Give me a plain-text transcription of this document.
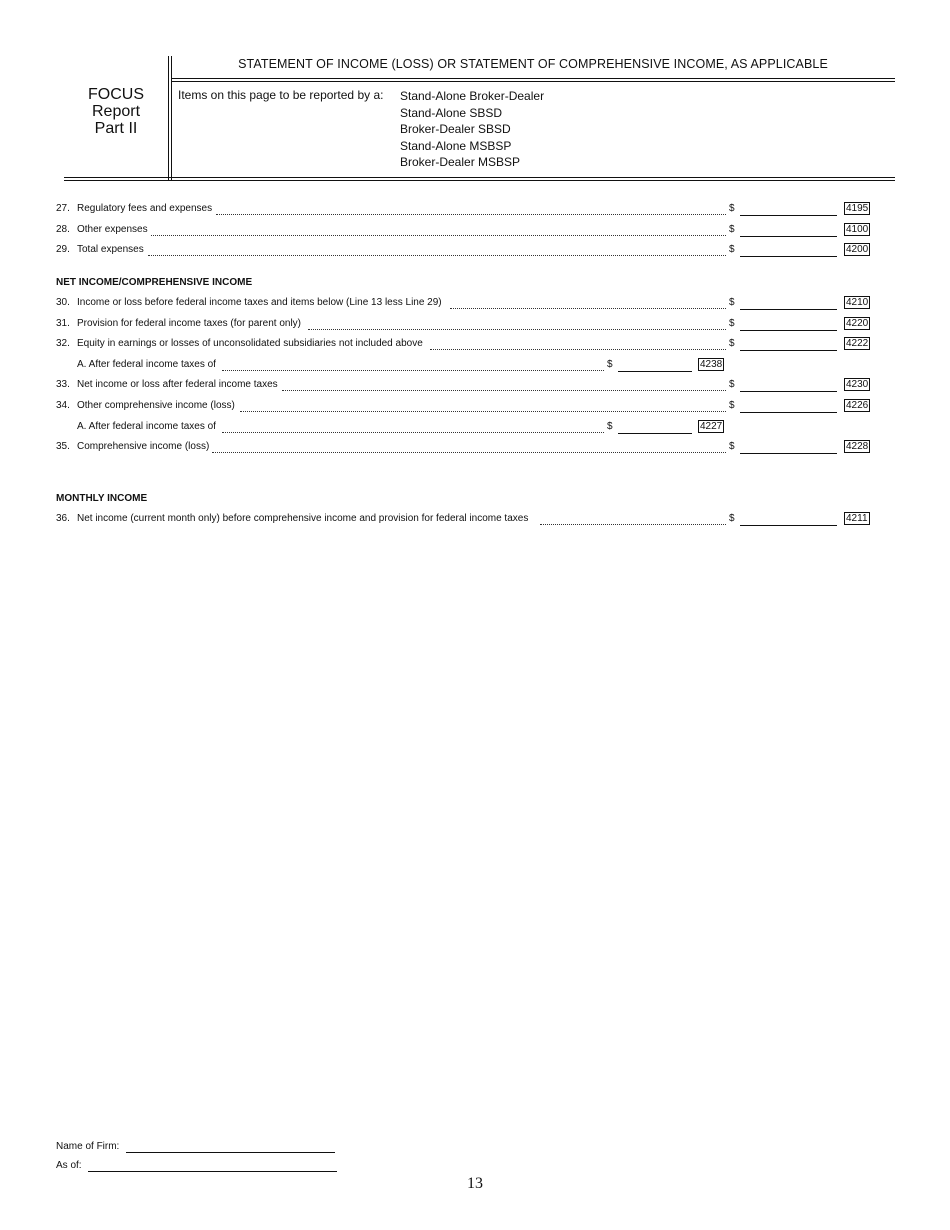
FOCUS
Report
Part II
STATEMENT OF INCOME (LOSS) OR STATEMENT OF COMPREHENSIVE INCOME, AS APPLICABLE
Items on this page to be reported by a: Stand-Alone Broker-Dealer
Stand-Alone SBSD
Broker-Dealer SBSD
Stand-Alone MSBSP
Broker-Dealer MSBSP
27. Regulatory fees and expenses	$	4195
28. Other expenses	$	4100
29. Total expenses	$	4200
NET INCOME/COMPREHENSIVE INCOME
30. Income or loss before federal income taxes and items below (Line 13 less Line 29)	$	4210
31. Provision for federal income taxes (for parent only)	$	4220
32. Equity in earnings or losses of unconsolidated subsidiaries not included above	$	4222
A. After federal income taxes of	$	4238
33. Net income or loss after federal income taxes	$	4230
34. Other comprehensive income (loss)	$	4226
A. After federal income taxes of	$	4227
35. Comprehensive income (loss)	$	4228
MONTHLY INCOME
36. Net income (current month only) before comprehensive income and provision for federal income taxes	$	4211
Name of Firm:
As of:
13
